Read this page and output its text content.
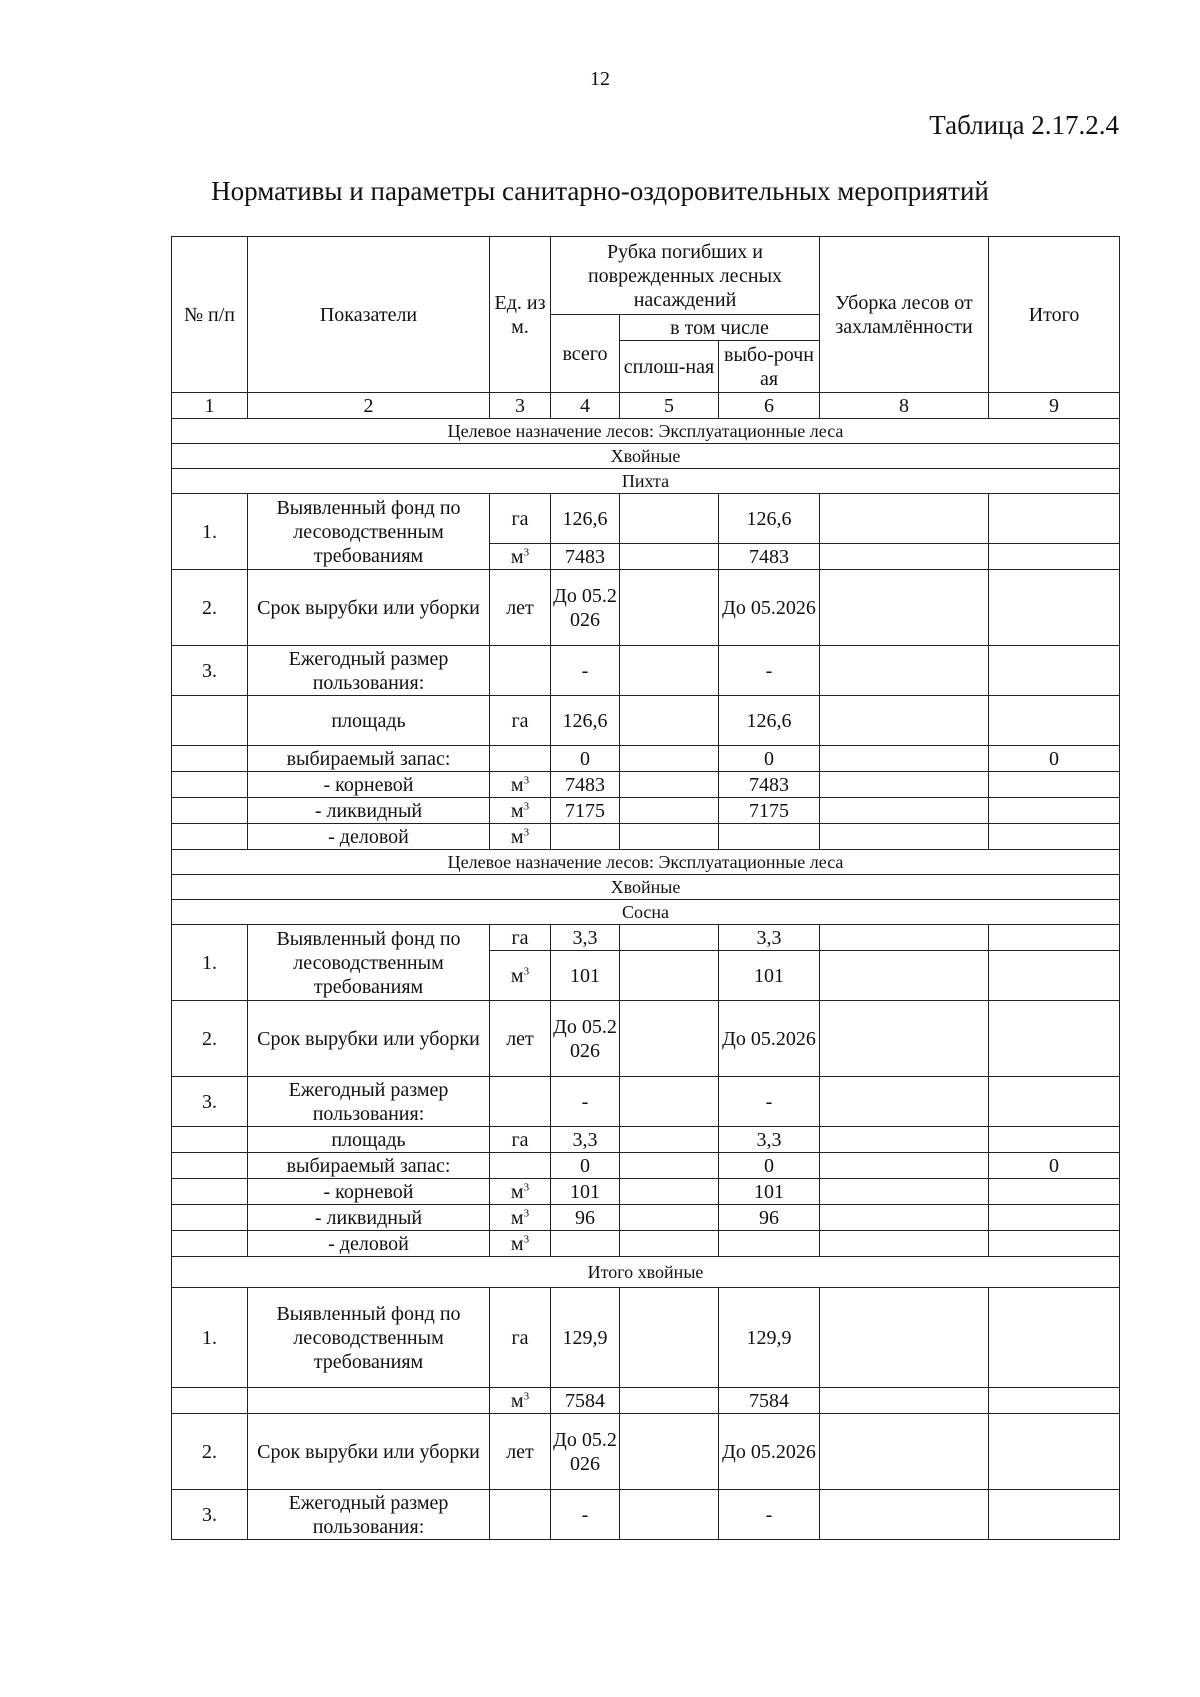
12
Таблица 2.17.2.4
Нормативы и параметры санитарно-оздоровительных мероприятий
№ п/п	Показатели	Ед. изм.	Рубка погибших и поврежденных лесных насаждений			Уборка лесов от захламлённости	Итого
			всего	в том числе			
				сплош-ная	выбо-рочная		
1	2	3	4	5	6	8	9
Целевое назначение лесов: Эксплуатационные леса							
Хвойные							
Пихта							
1.	Выявленный фонд по лесоводственным требованиям	га	126,6		126,6		
		$м^3$	7483		7483		
2.	Срок вырубки или уборки	лет	До 05.2026		До 05.2026		
3.	Ежегодный размер пользования:		-		-		
	площадь	га	126,6		126,6		
	выбираемый запас:		0		0		0
	- корневой	$м^3$	7483		7483		
	- ликвидный	$м^3$	7175		7175		
	- деловой	$м^3$					
Целевое назначение лесов: Эксплуатационные леса							
Хвойные							
Сосна							
1.	Выявленный фонд по лесоводственным требованиям	га	3,3		3,3		
		$м^3$	101		101		
2.	Срок вырубки или уборки	лет	До 05.2026		До 05.2026		
3.	Ежегодный размер пользования:		-		-		
	площадь	га	3,3		3,3		
	выбираемый запас:		0		0		0
	- корневой	$м^3$	101		101		
	- ликвидный	$м^3$	96		96		
	- деловой	$м^3$					
Итого хвойные							
1.	Выявленный фонд по лесоводственным требованиям	га	129,9		129,9		
		$м^3$	7584		7584		
2.	Срок вырубки или уборки	лет	До 05.2026		До 05.2026		
3.	Ежегодный размер пользования:		-		-		
